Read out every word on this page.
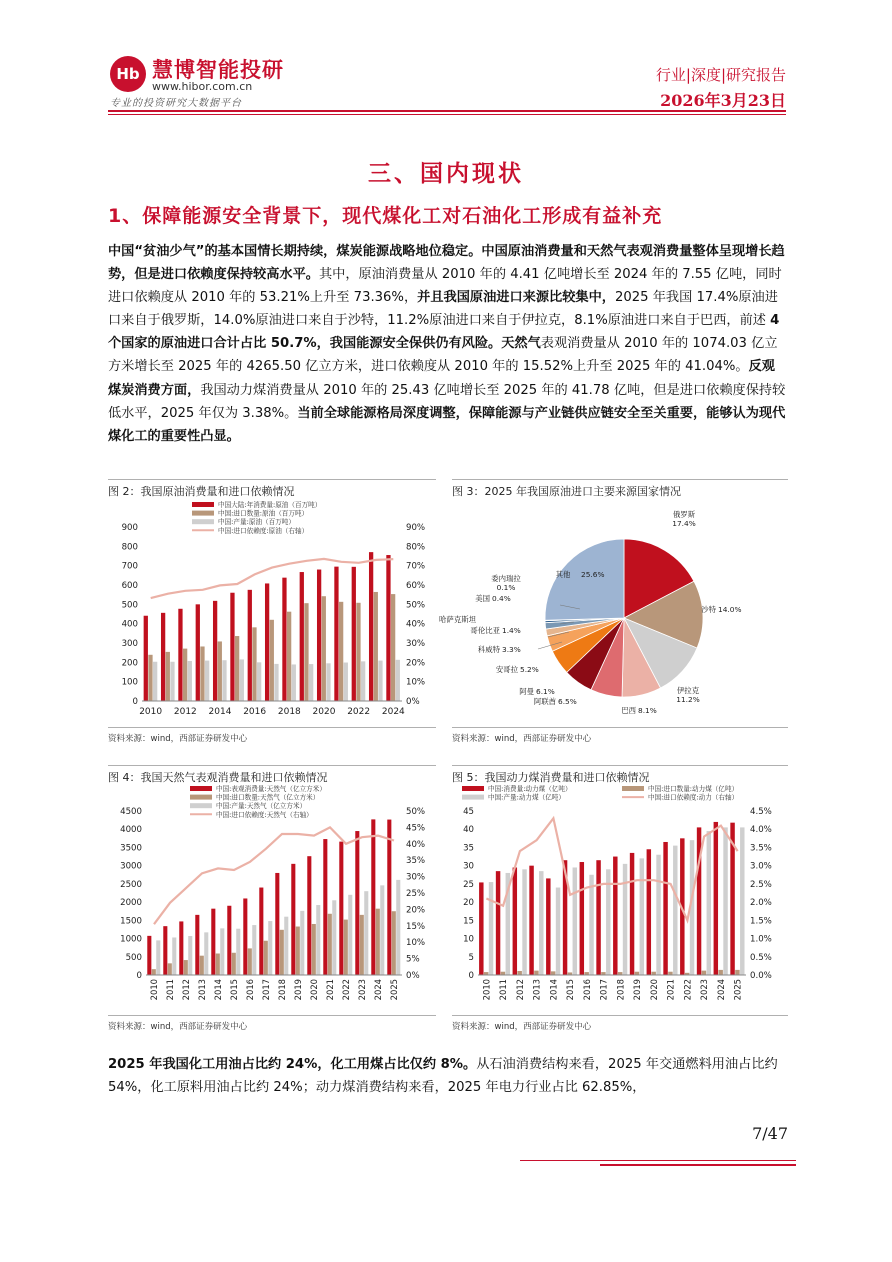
Hb 慧博智能投研
www.hibor.com.cn
专业的投资研究大数据平台
行业|深度|研究报告
2026年3月23日
三、国内现状
1、保障能源安全背景下，现代煤化工对石油化工形成有益补充
中国“贫油少气”的基本国情长期持续，煤炭能源战略地位稳定。中国原油消费量和天然气表观消费量整体呈现增长趋势，但是进口依赖度保持较高水平。其中，原油消费量从 2010 年的 4.41 亿吨增长至 2024 年的 7.55 亿吨，同时进口依赖度从 2010 年的 53.21%上升至 73.36%，并且我国原油进口来源比较集中，2025 年我国 17.4%原油进口来自于俄罗斯，14.0%原油进口来自于沙特，11.2%原油进口来自于伊拉克，8.1%原油进口来自于巴西，前述 4 个国家的原油进口合计占比 50.7%，我国能源安全保供仍有风险。天然气表观消费量从 2010 年的 1074.03 亿立方米增长至 2025 年的 4265.50 亿立方米，进口依赖度从 2010 年的 15.52%上升至 2025 年的 41.04%。反观煤炭消费方面，我国动力煤消费量从 2010 年的 25.43 亿吨增长至 2025 年的 41.78 亿吨，但是进口依赖度保持较低水平，2025 年仅为 3.38%。当前全球能源格局深度调整，保障能源与产业链供应链安全至关重要，能够认为现代煤化工的重要性凸显。
图 2：我国原油消费量和进口依赖情况
中国大陆:年消费量:原油（百万吨）
中国:进口数量:原油（百万吨）
中国:产量:原油（百万吨）
中国:进口依赖度:原油（右轴）
0
100
200
300
400
500
600
700
800
900
0%
10%
20%
30%
40%
50%
60%
70%
80%
90%
2010 2012 2014 2016 2018 2020 2022 2024
资料来源：wind，西部证券研发中心
图 3：2025 年我国原油进口主要来源国家情况
俄罗斯
17.4%
沙特 14.0%
伊拉克
11.2%
巴西 8.1%
阿联酋 6.5%
阿曼 6.1%
安哥拉 5.2%
科威特 3.3%
哥伦比亚 1.4%
哈萨克斯坦
美国 0.4%
委内瑞拉
0.1%
其他 25.6%
资料来源：wind，西部证券研发中心
图 4：我国天然气表观消费量和进口依赖情况
中国:表观消费量:天然气（亿立方米）
中国:进口数量:天然气（亿立方米）
中国:产量:天然气（亿立方米）
中国:进口依赖度:天然气（右轴）
0
500
1000
1500
2000
2500
3000
3500
4000
4500
0%
5%
10%
15%
20%
25%
30%
35%
40%
45%
50%
2010 2011 2012 2013 2014 2015 2016 2017 2018 2019 2020 2021 2022 2023 2024 2025
资料来源：wind，西部证券研发中心
图 5：我国动力煤消费量和进口依赖情况
中国:消费量:动力煤（亿吨）	中国:进口数量:动力煤（亿吨）
中国:产量:动力煤（亿吨）	中国:进口依赖度:动力（右轴）
0
5
10
15
20
25
30
35
40
45
0.0%
0.5%
1.0%
1.5%
2.0%
2.5%
3.0%
3.5%
4.0%
4.5%
2010 2011 2012 2013 2014 2015 2016 2017 2018 2019 2020 2021 2022 2023 2024 2025
资料来源：wind，西部证券研发中心
2025 年我国化工用油占比约 24%，化工用煤占比仅约 8%。从石油消费结构来看，2025 年交通燃料用油占比约 54%，化工原料用油占比约 24%；动力煤消费结构来看，2025 年电力行业占比 62.85%，
7/47
